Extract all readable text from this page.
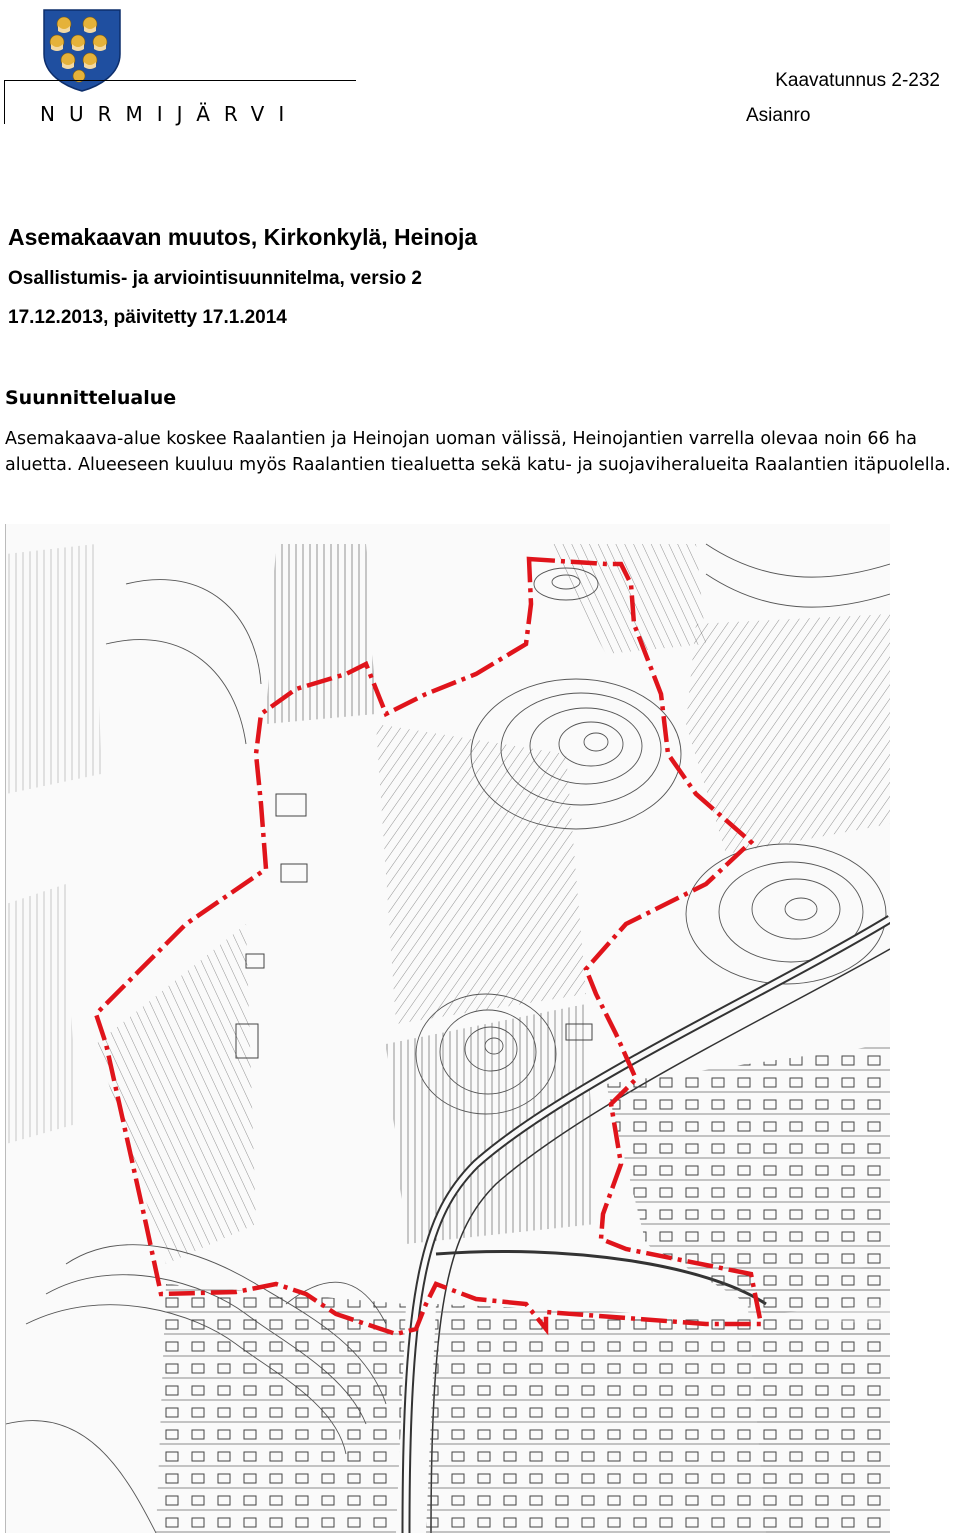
NURMIJÄRVI
Kaavatunnus 2-232
Asianro
Asemakaavan muutos, Kirkonkylä, Heinoja
Osallistumis- ja arviointisuunnitelma, versio 2
17.12.2013, päivitetty 17.1.2014
Suunnittelualue
Asemakaava-alue koskee Raalantien ja Heinojan uoman välissä, Heinojantien varrella olevaa noin 66 ha aluetta. Alueeseen kuuluu myös Raalantien tiealuetta sekä katu- ja suojaviheralueita Raalantien itäpuolella.
